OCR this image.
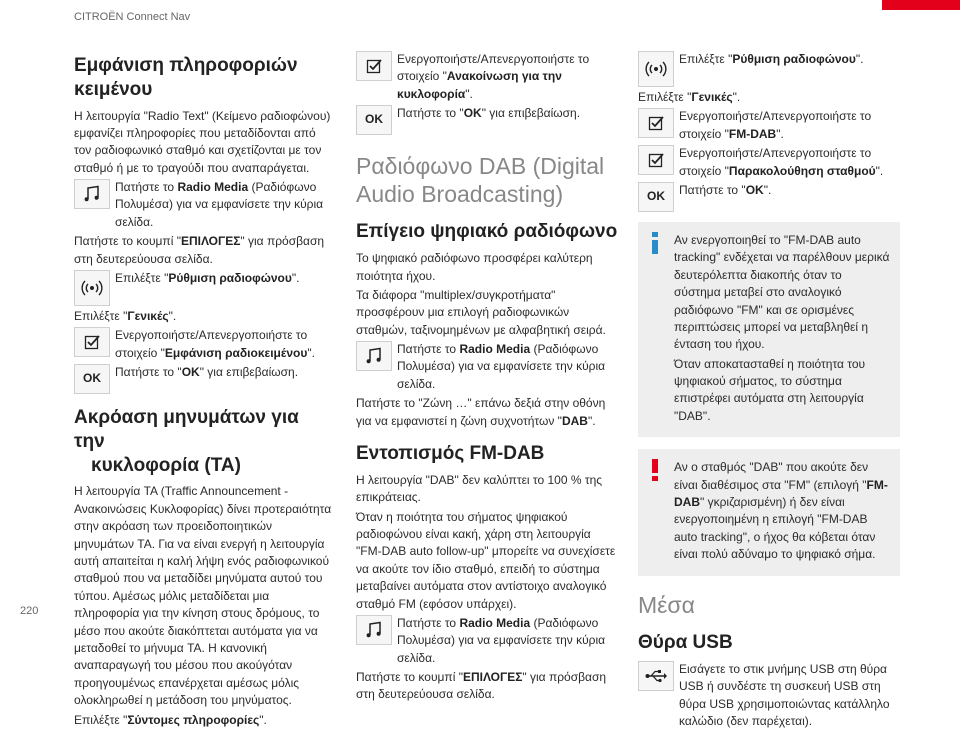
CITROËN Connect Nav
220
Εμφάνιση πληροφοριών κειμένου

Η λειτουργία "Radio Text" (Κείμενο ραδιοφώνου) εμφανίζει πληροφορίες που μεταδίδονται από τον ραδιοφωνικό σταθμό και σχετίζονται με τον σταθμό ή με το τραγούδι που αναπαράγεται.

Πατήστε το Radio Media (Ραδιόφωνο Πολυμέσα) για να εμφανίσετε την κύρια σελίδα.

Πατήστε το κουμπί "ΕΠΙΛΟΓΕΣ" για πρόσβαση στη δευτερεύουσα σελίδα.

Επιλέξτε "Ρύθμιση ραδιοφώνου".

Επιλέξτε "Γενικές".

Ενεργοποιήστε/Απενεργοποιήστε το στοιχείο "Εμφάνιση ραδιοκειμένου".

OK	Πατήστε το "OK" για επιβεβαίωση.

Ακρόαση μηνυμάτων για την
κυκλοφορία (TA)

Η λειτουργία TA (Traffic Announcement - Ανακοινώσεις Κυκλοφορίας) δίνει προτεραιότητα στην ακρόαση των προειδοποιητικών μηνυμάτων TA. Για να είναι ενεργή η λειτουργία αυτή απαιτείται η καλή λήψη ενός ραδιοφωνικού σταθμού που να μεταδίδει μηνύματα αυτού του τύπου. Αμέσως μόλις μεταδίδεται μια πληροφορία για την κίνηση στους δρόμους, το μέσο που ακούτε διακόπτεται αυτόματα για να μεταδοθεί το μήνυμα TA. Η κανονική αναπαραγωγή του μέσου που ακούγόταν προηγουμένως επανέρχεται αμέσως μόλις ολοκληρωθεί η μετάδοση του μηνύματος.

Επιλέξτε "Σύντομες πληροφορίες".

Ενεργοποιήστε/Απενεργοποιήστε το στοιχείο "Ανακοίνωση για την κυκλοφορία".

OK	Πατήστε το "OK" για επιβεβαίωση.

Ραδιόφωνο DAB (Digital Audio Broadcasting)
Επίγειο ψηφιακό ραδιόφωνο

Το ψηφιακό ραδιόφωνο προσφέρει καλύτερη ποιότητα ήχου.

Τα διάφορα "multiplex/συγκροτήματα" προσφέρουν μια επιλογή ραδιοφωνικών σταθμών, ταξινομημένων με αλφαβητική σειρά.

Πατήστε το Radio Media (Ραδιόφωνο Πολυμέσα) για να εμφανίσετε την κύρια σελίδα.

Πατήστε το "Ζώνη …" επάνω δεξιά στην οθόνη για να εμφανιστεί η ζώνη συχνοτήτων "DAB".

Εντοπισμός FM-DAB

Η λειτουργία "DAB" δεν καλύπτει το 100 % της επικράτειας.

Όταν η ποιότητα του σήματος ψηφιακού ραδιοφώνου είναι κακή, χάρη στη λειτουργία "FM-DAB auto follow-up" μπορείτε να συνεχίσετε να ακούτε τον ίδιο σταθμό, επειδή το σύστημα μεταβαίνει αυτόματα στον αντίστοιχο αναλογικό σταθμό FM (εφόσον υπάρχει).

Πατήστε το Radio Media (Ραδιόφωνο Πολυμέσα) για να εμφανίσετε την κύρια σελίδα.

Πατήστε το κουμπί "ΕΠΙΛΟΓΕΣ" για πρόσβαση στη δευτερεύουσα σελίδα.

Επιλέξτε "Ρύθμιση ραδιοφώνου".

Επιλέξτε "Γενικές".

Ενεργοποιήστε/Απενεργοποιήστε το στοιχείο "FM-DAB".

Ενεργοποιήστε/Απενεργοποιήστε το στοιχείο "Παρακολούθηση σταθμού".

OK	Πατήστε το "OK".

Αν ενεργοποιηθεί το "FM-DAB auto tracking" ενδέχεται να παρέλθουν μερικά δευτερόλεπτα διακοπής όταν το σύστημα μεταβεί στο αναλογικό ραδιόφωνο "FM" και σε ορισμένες περιπτώσεις μπορεί να μεταβληθεί η ένταση του ήχου.

Όταν αποκατασταθεί η ποιότητα του ψηφιακού σήματος, το σύστημα επιστρέφει αυτόματα στη λειτουργία "DAB".

Αν ο σταθμός "DAB" που ακούτε δεν είναι διαθέσιμος στα "FM" (επιλογή "FM-DAB" γκριζαρισμένη) ή δεν είναι ενεργοποιημένη η επιλογή "FM-DAB auto tracking", ο ήχος θα κόβεται όταν είναι πολύ αδύναμο το ψηφιακό σήμα.

Μέσα
Θύρα USB

Εισάγετε το στικ μνήμης USB στη θύρα USB ή συνδέστε τη συσκευή USB στη θύρα USB χρησιμοποιώντας κατάλληλο καλώδιο (δεν παρέχεται).
